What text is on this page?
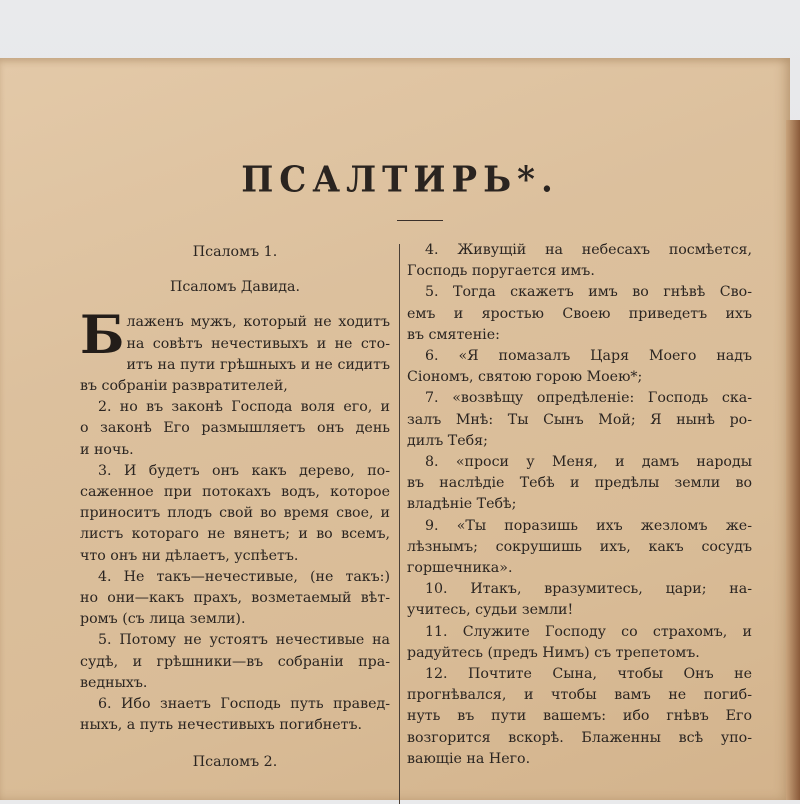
ПСАЛТИРЬ*.
Псаломъ 1.
Псаломъ Давида.
Б лаженъ мужъ, который не ходитъ
на совѣтъ нечестивыхъ и не сто-
итъ на пути грѣшныхъ и не сидитъ
въ собраніи развратителей,
2. но въ законѣ Господа воля его, и
о законѣ Его размышляетъ онъ день
и ночь.
3. И будетъ онъ какъ дерево, по-
саженное при потокахъ водъ, которое
приноситъ плодъ свой во время свое, и
листъ котораго не вянетъ; и во всемъ,
что онъ ни дѣлаетъ, успѣетъ.
4. Не такъ—нечестивые, (не такъ:)
но они—какъ прахъ, возметаемый вѣт-
ромъ (съ лица земли).
5. Потому не устоятъ нечестивые на
судѣ, и грѣшники—въ собраніи пра-
ведныхъ.
6. Ибо знаетъ Господь путь правед-
ныхъ, а путь нечестивыхъ погибнетъ.
Псаломъ 2.
4. Живущій на небесахъ посмѣется,
Господь поругается имъ.
5. Тогда скажетъ имъ во гнѣвѣ Сво-
емъ и яростью Своею приведетъ ихъ
въ смятеніе:
6. «Я помазалъ Царя Моего надъ
Сіономъ, святою горою Моею*;
7. «возвѣщу опредѣленіе: Господь ска-
залъ Мнѣ: Ты Сынъ Мой; Я нынѣ ро-
дилъ Тебя;
8. «проси у Меня, и дамъ народы
въ наслѣдіе Тебѣ и предѣлы земли во
владѣніе Тебѣ;
9. «Ты поразишь ихъ жезломъ же-
лѣзнымъ; сокрушишь ихъ, какъ сосудъ
горшечника».
10. Итакъ, вразумитесь, цари; на-
учитесь, судьи земли!
11. Служите Господу со страхомъ, и
радуйтесь (предъ Нимъ) съ трепетомъ.
12. Почтите Сына, чтобы Онъ не
прогнѣвался, и чтобы вамъ не погиб-
нуть въ пути вашемъ: ибо гнѣвъ Его
возгорится вскорѣ. Блаженны всѣ упо-
вающіе на Него.
